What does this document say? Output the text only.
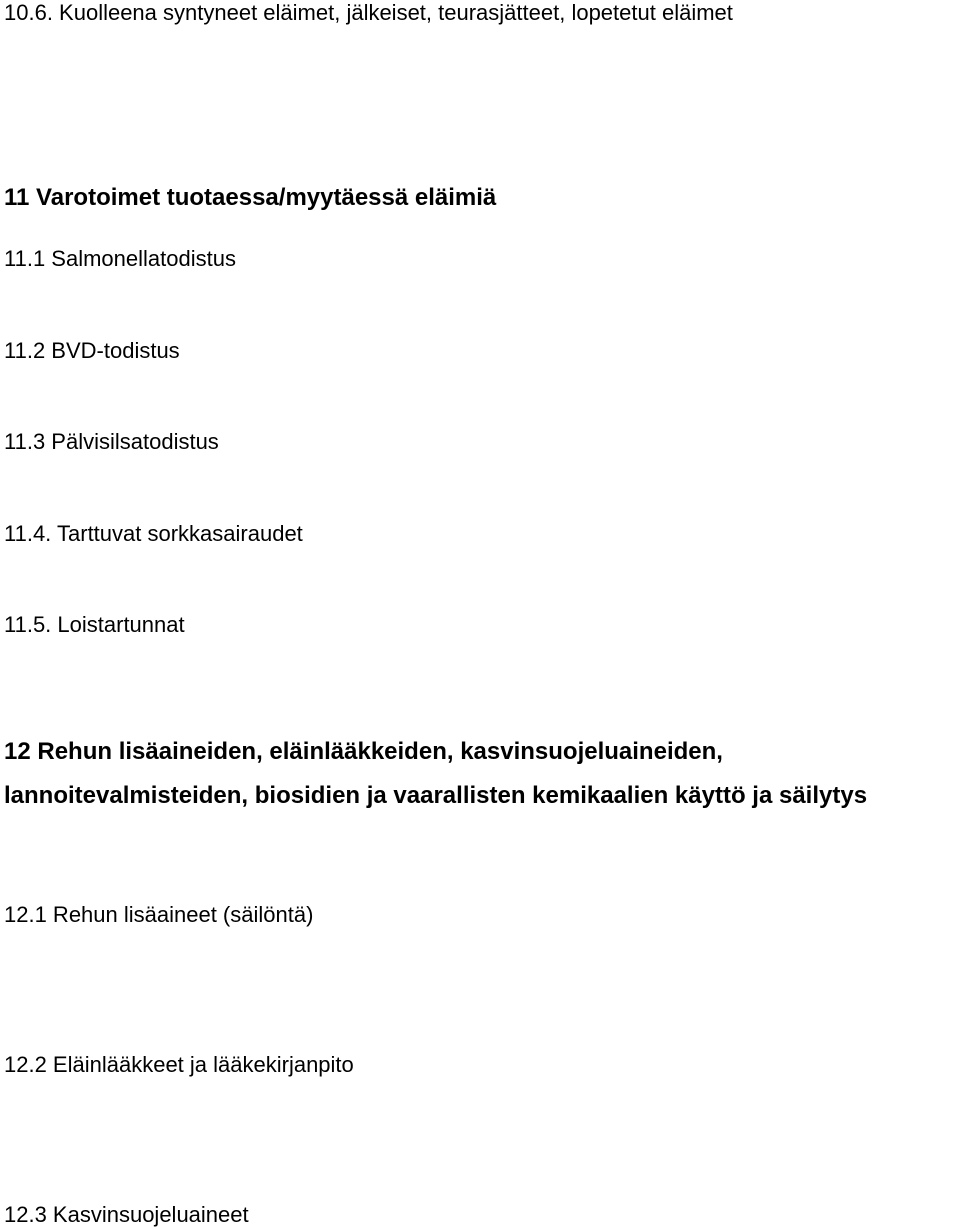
10.6. Kuolleena syntyneet eläimet, jälkeiset, teurasjätteet, lopetetut eläimet
11 Varotoimet tuotaessa/myytäessä eläimiä
11.1 Salmonellatodistus
11.2 BVD-todistus
11.3 Pälvisilsatodistus
11.4. Tarttuvat sorkkasairaudet
11.5. Loistartunnat
12 Rehun lisäaineiden, eläinlääkkeiden, kasvinsuojeluaineiden,
lannoitevalmisteiden, biosidien ja vaarallisten kemikaalien käyttö ja säilytys
12.1 Rehun lisäaineet (säilöntä)
12.2 Eläinlääkkeet ja lääkekirjanpito
12.3 Kasvinsuojeluaineet
